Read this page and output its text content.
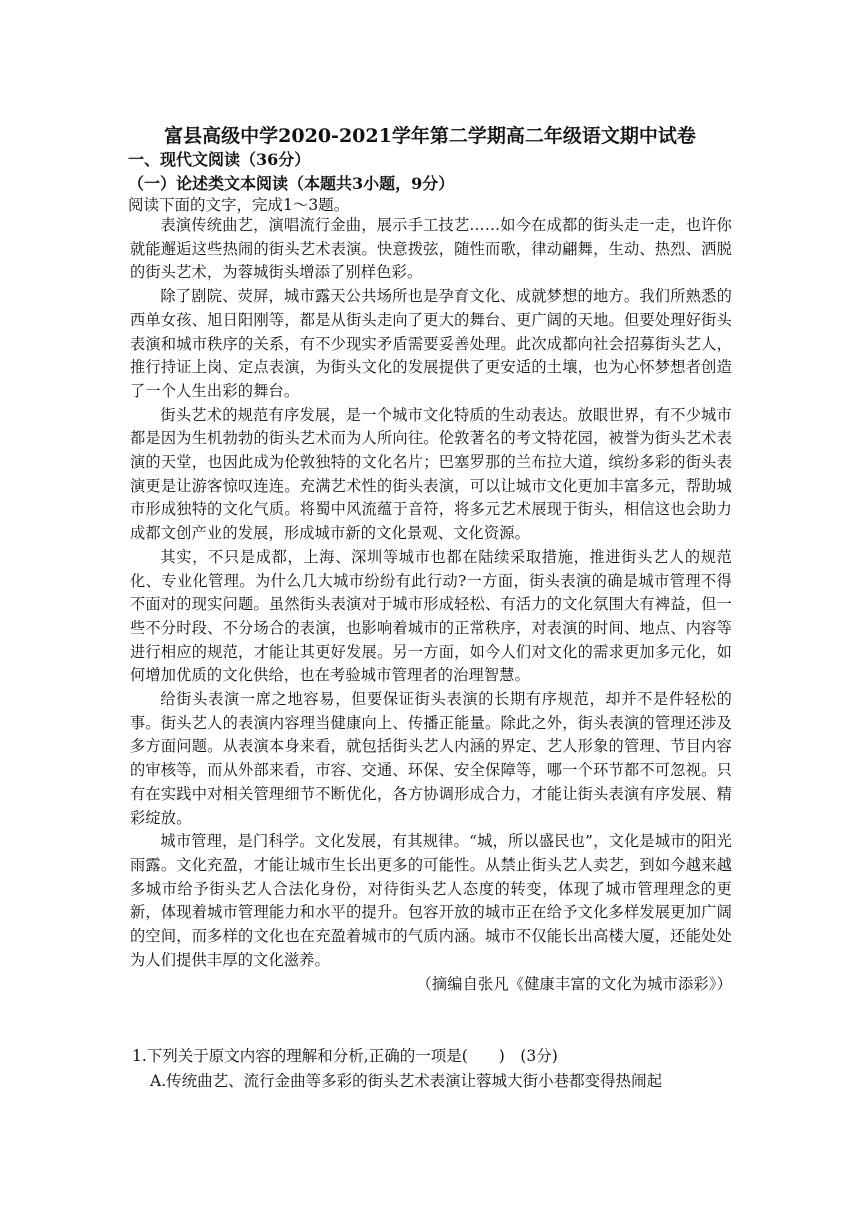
富县高级中学2020-2021学年第二学期高二年级语文期中试卷
一、现代文阅读（36分）
（一）论述类文本阅读（本题共3小题，9分）
阅读下面的文字，完成1～3题。

表演传统曲艺，演唱流行金曲，展示手工技艺……如今在成都的街头走一走，也许你就能邂逅这些热闹的街头艺术表演。快意拨弦，随性而歌，律动翩舞，生动、热烈、洒脱的街头艺术，为蓉城街头增添了别样色彩。

除了剧院、荧屏，城市露天公共场所也是孕育文化、成就梦想的地方。我们所熟悉的西单女孩、旭日阳刚等，都是从街头走向了更大的舞台、更广阔的天地。但要处理好街头表演和城市秩序的关系，有不少现实矛盾需要妥善处理。此次成都向社会招募街头艺人，推行持证上岗、定点表演，为街头文化的发展提供了更安适的土壤，也为心怀梦想者创造了一个人生出彩的舞台。

街头艺术的规范有序发展，是一个城市文化特质的生动表达。放眼世界，有不少城市都是因为生机勃勃的街头艺术而为人所向往。伦敦著名的考文特花园，被誉为街头艺术表演的天堂，也因此成为伦敦独特的文化名片；巴塞罗那的兰布拉大道，缤纷多彩的街头表演更是让游客惊叹连连。充满艺术性的街头表演，可以让城市文化更加丰富多元，帮助城市形成独特的文化气质。将蜀中风流蕴于音符，将多元艺术展现于街头，相信这也会助力成都文创产业的发展，形成城市新的文化景观、文化资源。

其实，不只是成都，上海、深圳等城市也都在陆续采取措施，推进街头艺人的规范化、专业化管理。为什么几大城市纷纷有此行动?一方面，街头表演的确是城市管理不得不面对的现实问题。虽然街头表演对于城市形成轻松、有活力的文化氛围大有裨益，但一些不分时段、不分场合的表演，也影响着城市的正常秩序，对表演的时间、地点、内容等进行相应的规范，才能让其更好发展。另一方面，如今人们对文化的需求更加多元化，如何增加优质的文化供给，也在考验城市管理者的治理智慧。

给街头表演一席之地容易，但要保证街头表演的长期有序规范，却并不是件轻松的事。街头艺人的表演内容理当健康向上、传播正能量。除此之外，街头表演的管理还涉及多方面问题。从表演本身来看，就包括街头艺人内涵的界定、艺人形象的管理、节目内容的审核等，而从外部来看，市容、交通、环保、安全保障等，哪一个环节都不可忽视。只有在实践中对相关管理细节不断优化，各方协调形成合力，才能让街头表演有序发展、精彩绽放。

城市管理，是门科学。文化发展，有其规律。“城，所以盛民也”，文化是城市的阳光雨露。文化充盈，才能让城市生长出更多的可能性。从禁止街头艺人卖艺，到如今越来越多城市给予街头艺人合法化身份，对待街头艺人态度的转变，体现了城市管理理念的更新，体现着城市管理能力和水平的提升。包容开放的城市正在给予文化多样发展更加广阔的空间，而多样的文化也在充盈着城市的气质内涵。城市不仅能长出高楼大厦，还能处处为人们提供丰厚的文化滋养。

（摘编自张凡《健康丰富的文化为城市添彩》）

1.下列关于原文内容的理解和分析,正确的一项是(　　)　(3分)
A.传统曲艺、流行金曲等多彩的街头艺术表演让蓉城大街小巷都变得热闹起
